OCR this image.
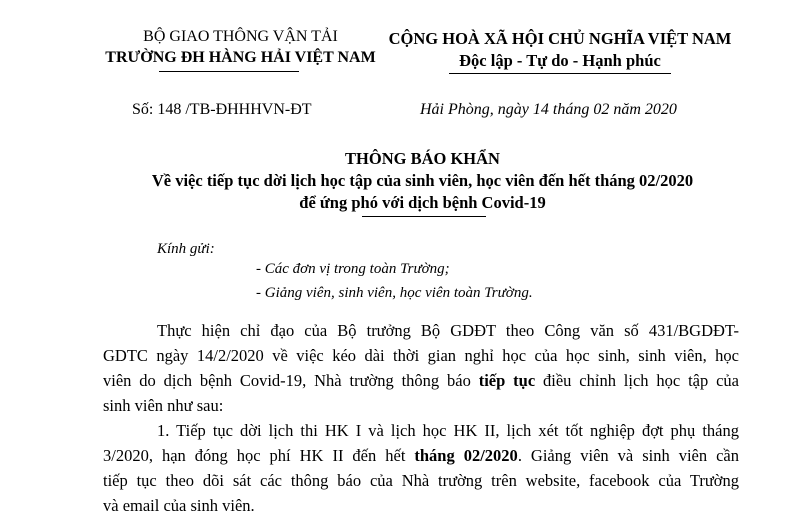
BỘ GIAO THÔNG VẬN TẢI
TRƯỜNG ĐH HÀNG HẢI VIỆT NAM
CỘNG HOÀ XÃ HỘI CHỦ NGHĨA VIỆT NAM
Độc lập - Tự do - Hạnh phúc
Số: 148 /TB-ĐHHHVN-ĐT	Hải Phòng, ngày 14 tháng 02 năm 2020
THÔNG BÁO KHẨN
Về việc tiếp tục dời lịch học tập của sinh viên, học viên đến hết tháng 02/2020
để ứng phó với dịch bệnh Covid-19
Kính gửi:
- Các đơn vị trong toàn Trường;
- Giảng viên, sinh viên, học viên toàn Trường.
Thực hiện chỉ đạo của Bộ trưởng Bộ GDĐT theo Công văn số 431/BGDĐT-
GDTC ngày 14/2/2020 về việc kéo dài thời gian nghỉ học của học sinh, sinh viên, học
viên do dịch bệnh Covid-19, Nhà trường thông báo tiếp tục điều chỉnh lịch học tập của
sinh viên như sau:
1. Tiếp tục dời lịch thi HK I và lịch học HK II, lịch xét tốt nghiệp đợt phụ tháng
3/2020, hạn đóng học phí HK II đến hết tháng 02/2020. Giảng viên và sinh viên cần
tiếp tục theo dõi sát các thông báo của Nhà trường trên website, facebook của Trường
và email của sinh viên.
